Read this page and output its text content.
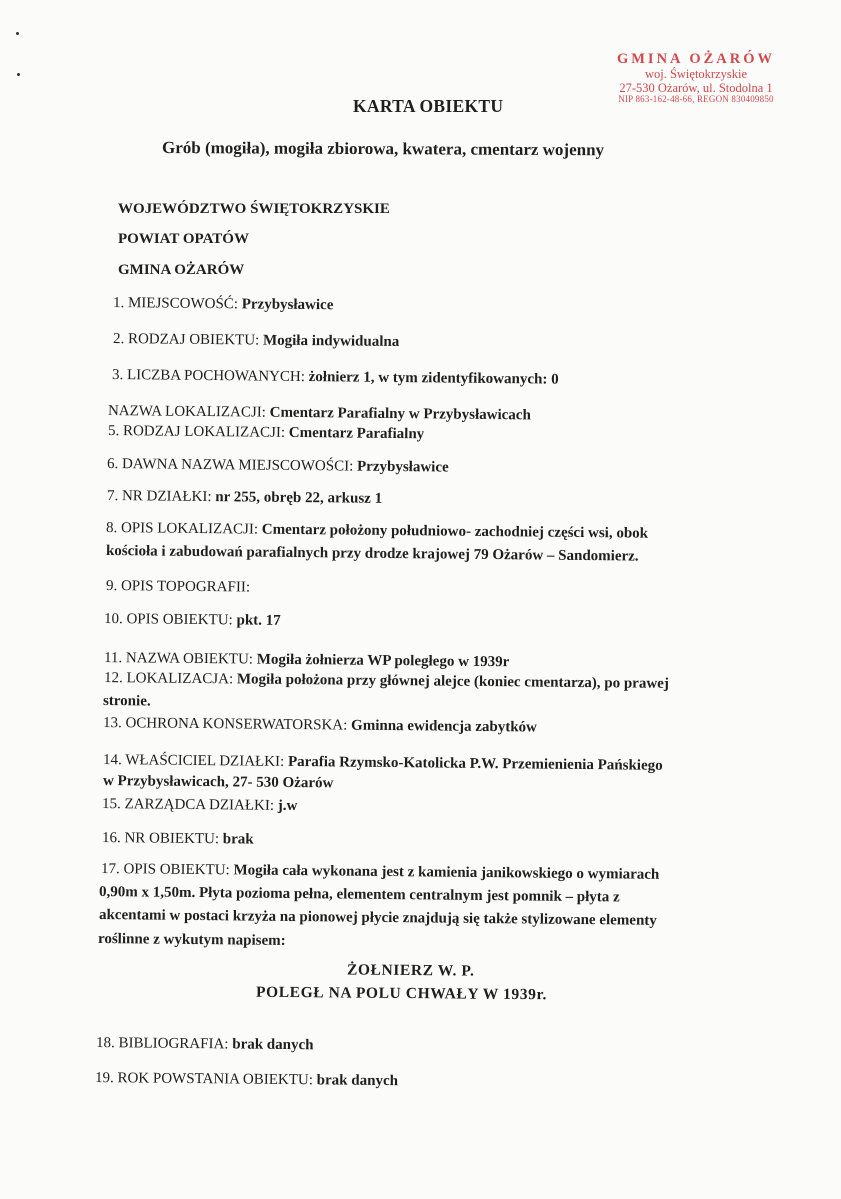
GMINA OŻARÓW
woj. Świętokrzyskie
27-530 Ożarów, ul. Stodolna 1
NIP 863-162-48-66, REGON 830409850
KARTA OBIEKTU
Grób (mogiła), mogiła zbiorowa, kwatera, cmentarz wojenny
WOJEWÓDZTWO ŚWIĘTOKRZYSKIE
POWIAT OPATÓW
GMINA OŻARÓW
1. MIEJSCOWOŚĆ: Przybysławice
2. RODZAJ OBIEKTU: Mogiła indywidualna
3. LICZBA POCHOWANYCH: żołnierz 1, w tym zidentyfikowanych: 0
NAZWA LOKALIZACJI: Cmentarz Parafialny w Przybysławicach
5. RODZAJ LOKALIZACJI: Cmentarz Parafialny
6. DAWNA NAZWA MIEJSCOWOŚCI: Przybysławice
7. NR DZIAŁKI: nr 255, obręb 22, arkusz 1
8. OPIS LOKALIZACJI: Cmentarz położony południowo- zachodniej części wsi, obok
kościoła i zabudowań parafialnych przy drodze krajowej 79 Ożarów – Sandomierz.
9. OPIS TOPOGRAFII:
10. OPIS OBIEKTU: pkt. 17
11. NAZWA OBIEKTU: Mogiła żołnierza WP poległego w 1939r
12. LOKALIZACJA: Mogiła położona przy głównej alejce (koniec cmentarza), po prawej
stronie.
13. OCHRONA KONSERWATORSKA: Gminna ewidencja zabytków
14. WŁAŚCICIEL DZIAŁKI: Parafia Rzymsko-Katolicka P.W. Przemienienia Pańskiego
w Przybysławicach, 27- 530 Ożarów
15. ZARZĄDCA DZIAŁKI: j.w
16. NR OBIEKTU: brak
17. OPIS OBIEKTU: Mogiła cała wykonana jest z kamienia janikowskiego o wymiarach
0,90m x 1,50m. Płyta pozioma pełna, elementem centralnym jest pomnik – płyta z
akcentami w postaci krzyża na pionowej płycie znajdują się także stylizowane elementy
roślinne z wykutym napisem:
ŻOŁNIERZ W. P.
POLEGŁ NA POLU CHWAŁY W 1939r.
18. BIBLIOGRAFIA: brak danych
19. ROK POWSTANIA OBIEKTU: brak danych
